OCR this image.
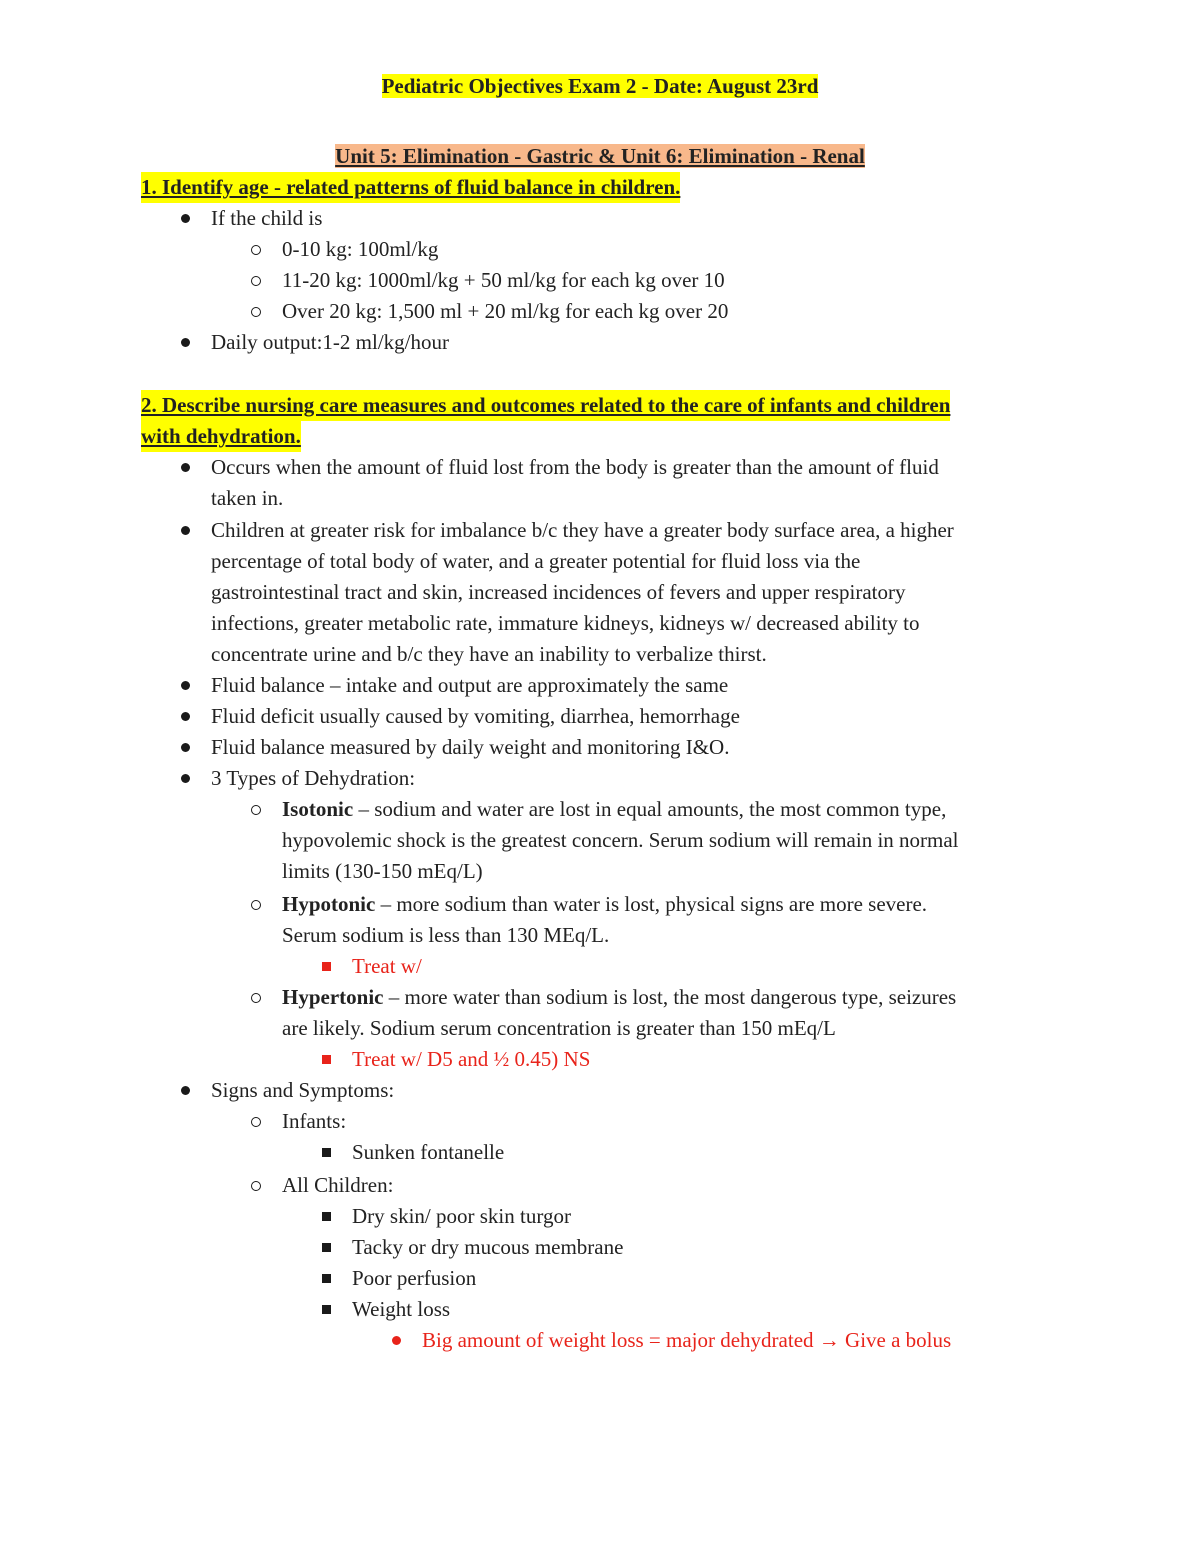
Pediatric Objectives Exam 2 - Date: August 23rd
Unit 5: Elimination - Gastric & Unit 6: Elimination - Renal
1. Identify age - related patterns of fluid balance in children.
If the child is
0-10 kg: 100ml/kg
11-20 kg: 1000ml/kg + 50 ml/kg for each kg over 10
Over 20 kg: 1,500 ml + 20 ml/kg for each kg over 20
Daily output:1-2 ml/kg/hour
2. Describe nursing care measures and outcomes related to the care of infants and children
with dehydration.
Occurs when the amount of fluid lost from the body is greater than the amount of fluid
taken in.
Children at greater risk for imbalance b/c they have a greater body surface area, a higher
percentage of total body of water, and a greater potential for fluid loss via the
gastrointestinal tract and skin, increased incidences of fevers and upper respiratory
infections, greater metabolic rate, immature kidneys, kidneys w/ decreased ability to
concentrate urine and b/c they have an inability to verbalize thirst.
Fluid balance – intake and output are approximately the same
Fluid deficit usually caused by vomiting, diarrhea, hemorrhage
Fluid balance measured by daily weight and monitoring I&O.
3 Types of Dehydration:
Isotonic – sodium and water are lost in equal amounts, the most common type,
hypovolemic shock is the greatest concern. Serum sodium will remain in normal
limits (130-150 mEq/L)
Hypotonic – more sodium than water is lost, physical signs are more severe.
Serum sodium is less than 130 MEq/L.
Treat w/
Hypertonic – more water than sodium is lost, the most dangerous type, seizures
are likely. Sodium serum concentration is greater than 150 mEq/L
Treat w/ D5 and ½ 0.45) NS
Signs and Symptoms:
Infants:
Sunken fontanelle
All Children:
Dry skin/ poor skin turgor
Tacky or dry mucous membrane
Poor perfusion
Weight loss
Big amount of weight loss = major dehydrated → Give a bolus
